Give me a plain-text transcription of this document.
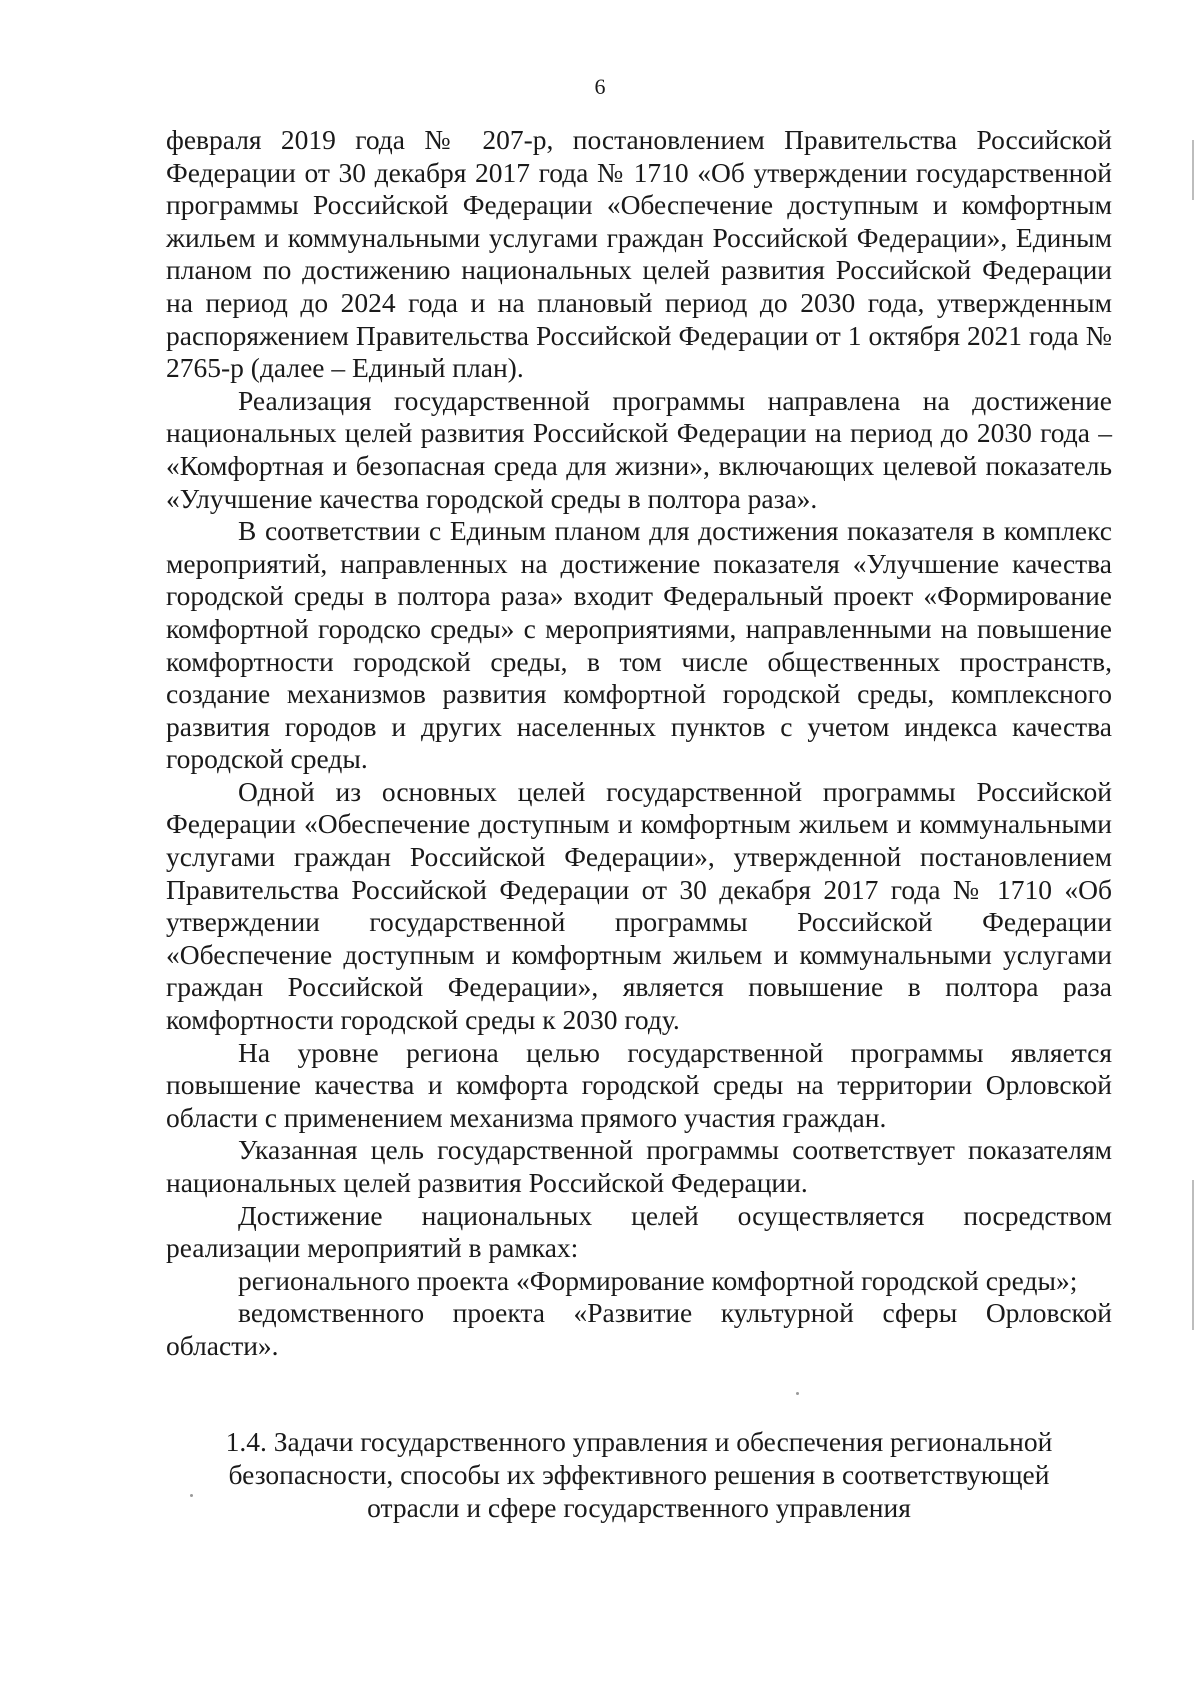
6

февраля 2019 года № 207-р, постановлением Правительства Российской Федерации от 30 декабря 2017 года № 1710 «Об утверждении государственной программы Российской Федерации «Обеспечение доступным и комфортным жильем и коммунальными услугами граждан Российской Федерации», Единым планом по достижению национальных целей развития Российской Федерации на период до 2024 года и на плановый период до 2030 года, утвержденным распоряжением Правительства Российской Федерации от 1 октября 2021 года № 2765-р (далее – Единый план).

Реализация государственной программы направлена на достижение национальных целей развития Российской Федерации на период до 2030 года – «Комфортная и безопасная среда для жизни», включающих целевой показатель «Улучшение качества городской среды в полтора раза».

В соответствии с Единым планом для достижения показателя в комплекс мероприятий, направленных на достижение показателя «Улучшение качества городской среды в полтора раза» входит Федеральный проект «Формирование комфортной городско среды» с мероприятиями, направленными на повышение комфортности городской среды, в том числе общественных пространств, создание механизмов развития комфортной городской среды, комплексного развития городов и других населенных пунктов с учетом индекса качества городской среды.

Одной из основных целей государственной программы Российской Федерации «Обеспечение доступным и комфортным жильем и коммунальными услугами граждан Российской Федерации», утвержденной постановлением Правительства Российской Федерации от 30 декабря 2017 года № 1710 «Об утверждении государственной программы Российской Федерации «Обеспечение доступным и комфортным жильем и коммунальными услугами граждан Российской Федерации», является повышение в полтора раза комфортности городской среды к 2030 году.

На уровне региона целью государственной программы является повышение качества и комфорта городской среды на территории Орловской области с применением механизма прямого участия граждан.

Указанная цель государственной программы соответствует показателям национальных целей развития Российской Федерации.

Достижение национальных целей осуществляется посредством реализации мероприятий в рамках:

регионального проекта «Формирование комфортной городской среды»;

ведомственного проекта «Развитие культурной сферы Орловской области».

1.4. Задачи государственного управления и обеспечения региональной
безопасности, способы их эффективного решения в соответствующей
отрасли и сфере государственного управления
